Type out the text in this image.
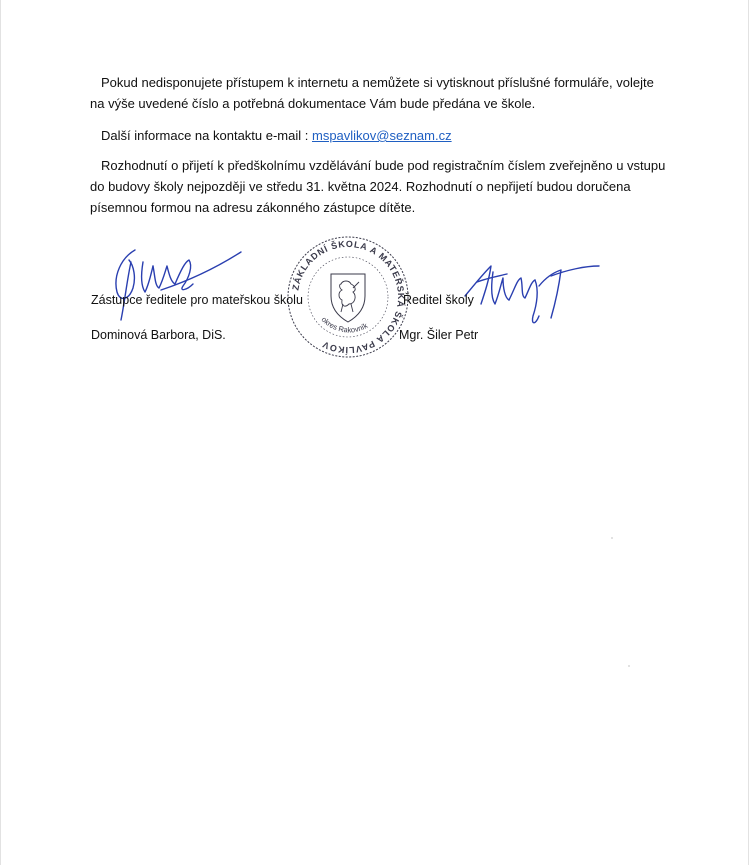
Pokud nedisponujete přístupem k internetu a nemůžete si vytisknout příslušné formuláře, volejte na výše uvedené číslo a potřebná dokumentace Vám bude předána ve škole.

Další informace na kontaktu e-mail : mspavlikov@seznam.cz

Rozhodnutí o přijetí k předškolnímu vzdělávání bude pod registračním číslem zveřejněno u vstupu do budovy školy nejpozději ve středu 31. května 2024. Rozhodnutí o nepřijetí budou doručena písemnou formou na adresu zákonného zástupce dítěte.

ZÁKLADNÍ ŠKOLA A MATEŘSKÁ ŠKOLA PAVLÍKOV
okres Rakovník
Zástupce ředitele pro mateřskou školu
Dominová Barbora, DiS.
Ředitel školy
Mgr. Šiler Petr
